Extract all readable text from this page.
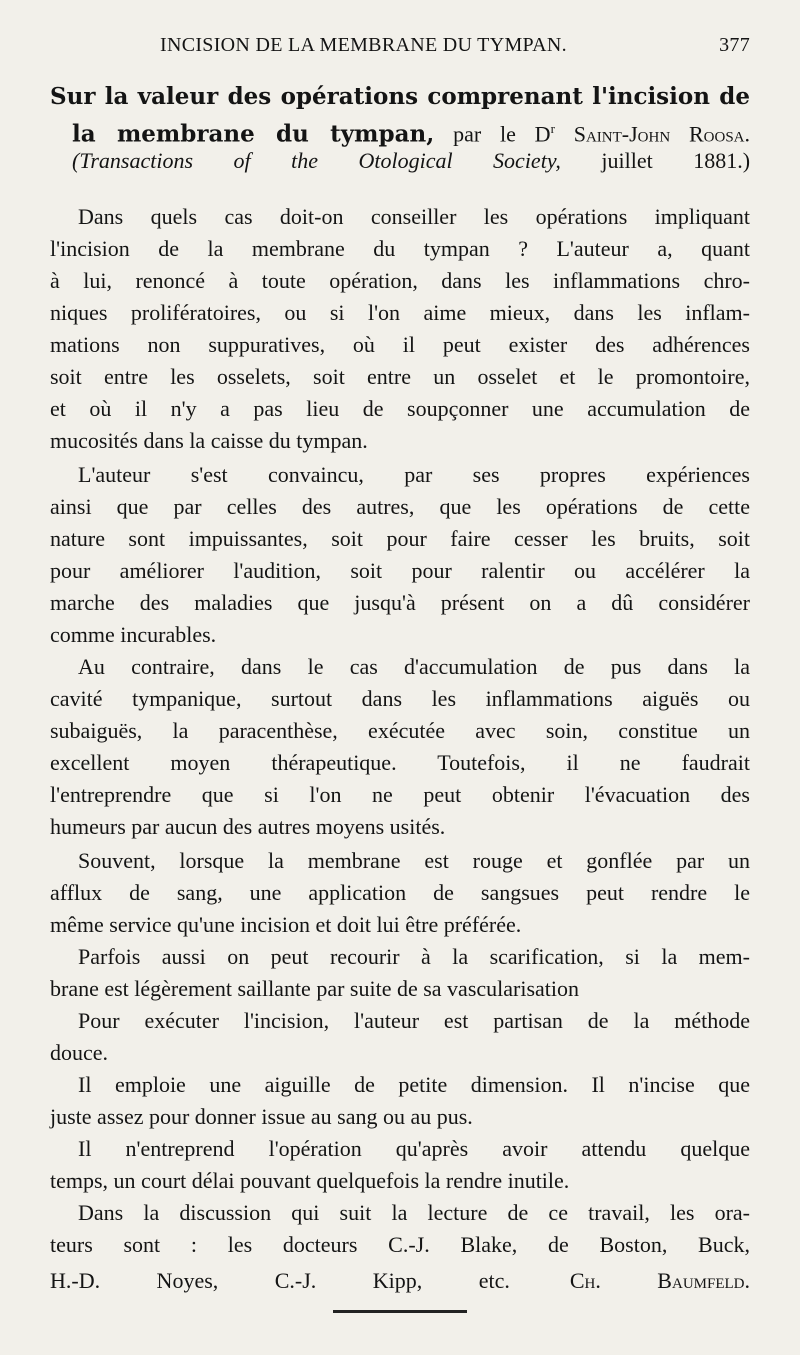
INCISION DE LA MEMBRANE DU TYMPAN.	377

Sur la valeur des opérations comprenant l'incision de

la membrane du tympan, par le $D^r$ Saint-John Roosa.

(Transactions of the Otological Society, juillet 1881.)

Dans quels cas doit-on conseiller les opérations impliquant

l'incision de la membrane du tympan ? L'auteur a, quant

à lui, renoncé à toute opération, dans les inflammations chro-

niques prolifératoires, ou si l'on aime mieux, dans les inflam-

mations non suppuratives, où il peut exister des adhérences

soit entre les osselets, soit entre un osselet et le promontoire,

et où il n'y a pas lieu de soupçonner une accumulation de

mucosités dans la caisse du tympan.

L'auteur s'est convaincu, par ses propres expériences

ainsi que par celles des autres, que les opérations de cette

nature sont impuissantes, soit pour faire cesser les bruits, soit

pour améliorer l'audition, soit pour ralentir ou accélérer la

marche des maladies que jusqu'à présent on a dû considérer

comme incurables.

Au contraire, dans le cas d'accumulation de pus dans la

cavité tympanique, surtout dans les inflammations aiguës ou

subaiguës, la paracenthèse, exécutée avec soin, constitue un

excellent moyen thérapeutique. Toutefois, il ne faudrait

l'entreprendre que si l'on ne peut obtenir l'évacuation des

humeurs par aucun des autres moyens usités.

Souvent, lorsque la membrane est rouge et gonflée par un

afflux de sang, une application de sangsues peut rendre le

même service qu'une incision et doit lui être préférée.

Parfois aussi on peut recourir à la scarification, si la mem-

brane est légèrement saillante par suite de sa vascularisation

Pour exécuter l'incision, l'auteur est partisan de la méthode

douce.

Il emploie une aiguille de petite dimension. Il n'incise que

juste assez pour donner issue au sang ou au pus.

Il n'entreprend l'opération qu'après avoir attendu quelque

temps, un court délai pouvant quelquefois la rendre inutile.

Dans la discussion qui suit la lecture de ce travail, les ora-

teurs sont : les docteurs C.-J. Blake, de Boston, Buck,

H.-D. Noyes, C.-J. Kipp, etc.	Ch. Baumfeld.
